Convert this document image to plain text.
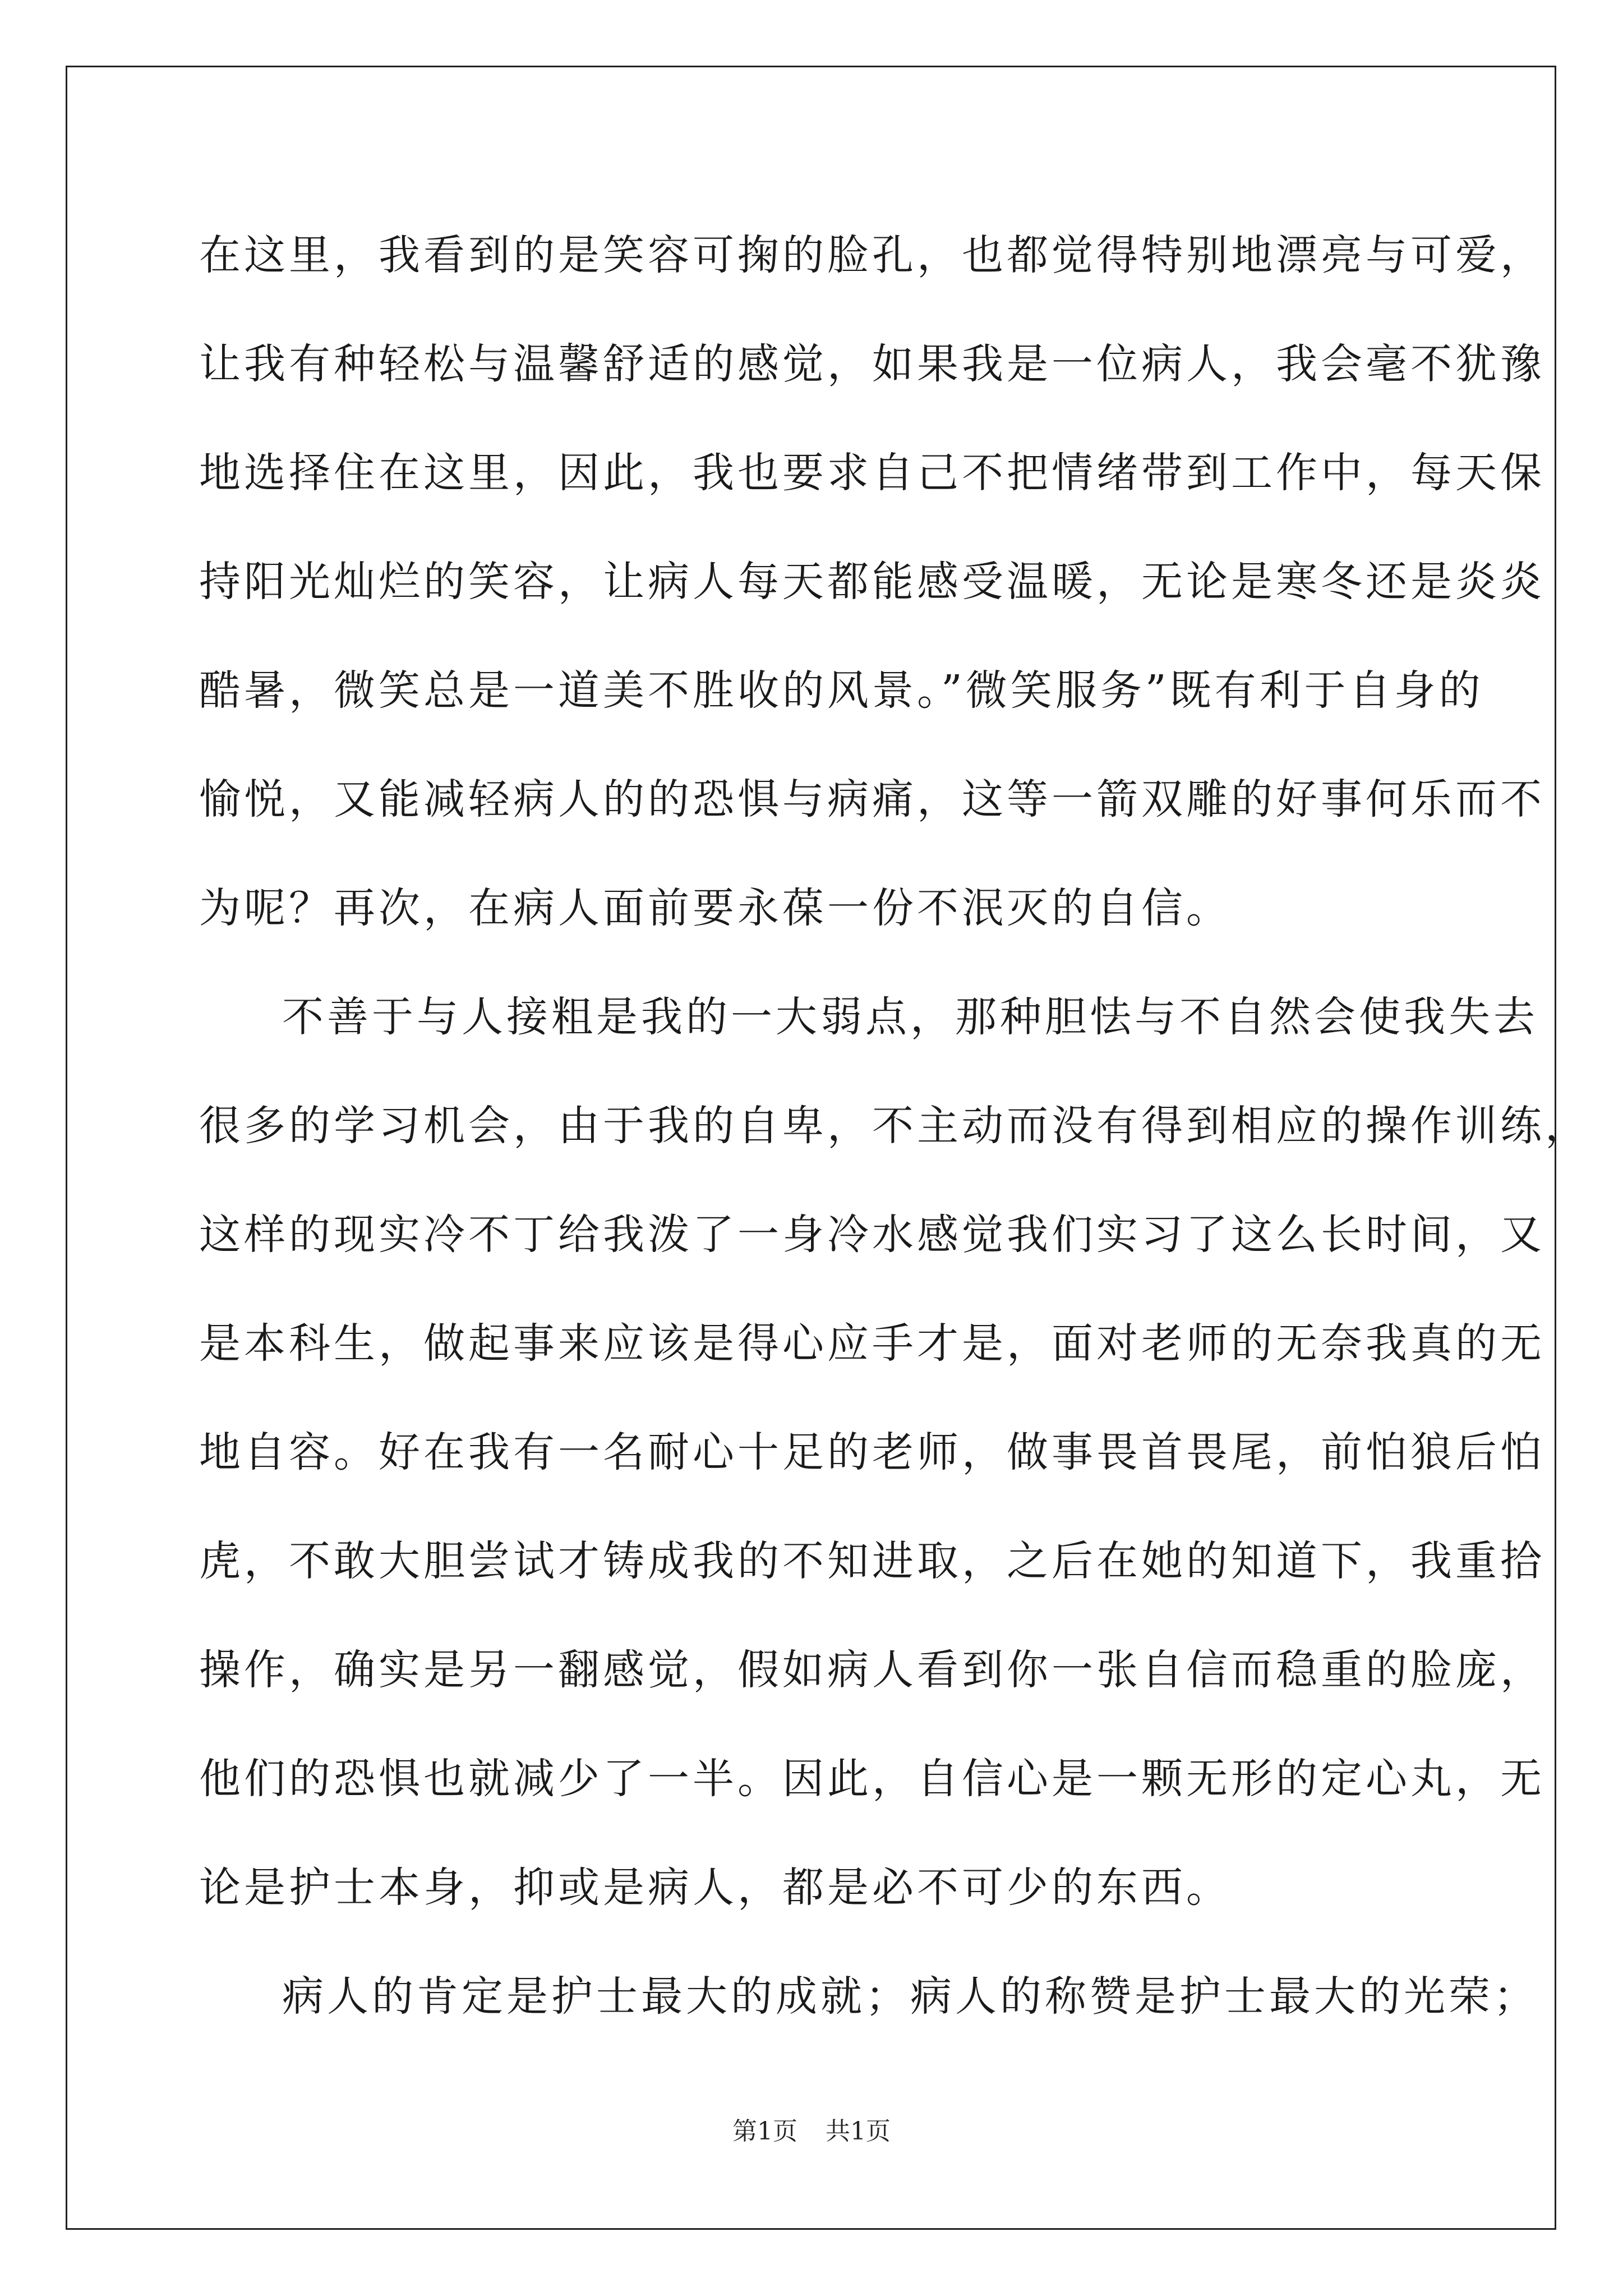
在这里，我看到的是笑容可掬的脸孔，也都觉得特别地漂亮与可爱，
让我有种轻松与温馨舒适的感觉，如果我是一位病人，我会毫不犹豫
地选择住在这里，因此，我也要求自己不把情绪带到工作中，每天保
持阳光灿烂的笑容，让病人每天都能感受温暖，无论是寒冬还是炎炎
酷暑，微笑总是一道美不胜收的风景。”微笑服务”既有利于自身的
愉悦，又能减轻病人的的恐惧与病痛，这等一箭双雕的好事何乐而不
为呢？再次，在病人面前要永葆一份不泯灭的自信。
不善于与人接粗是我的一大弱点，那种胆怯与不自然会使我失去
很多的学习机会，由于我的自卑，不主动而没有得到相应的操作训练，
这样的现实冷不丁给我泼了一身冷水感觉我们实习了这么长时间，又
是本科生，做起事来应该是得心应手才是，面对老师的无奈我真的无
地自容。好在我有一名耐心十足的老师，做事畏首畏尾，前怕狼后怕
虎，不敢大胆尝试才铸成我的不知进取，之后在她的知道下，我重拾
操作，确实是另一翻感觉，假如病人看到你一张自信而稳重的脸庞，
他们的恐惧也就减少了一半。因此，自信心是一颗无形的定心丸，无
论是护士本身，抑或是病人，都是必不可少的东西。
病人的肯定是护士最大的成就；病人的称赞是护士最大的光荣；
第1页 共1页
